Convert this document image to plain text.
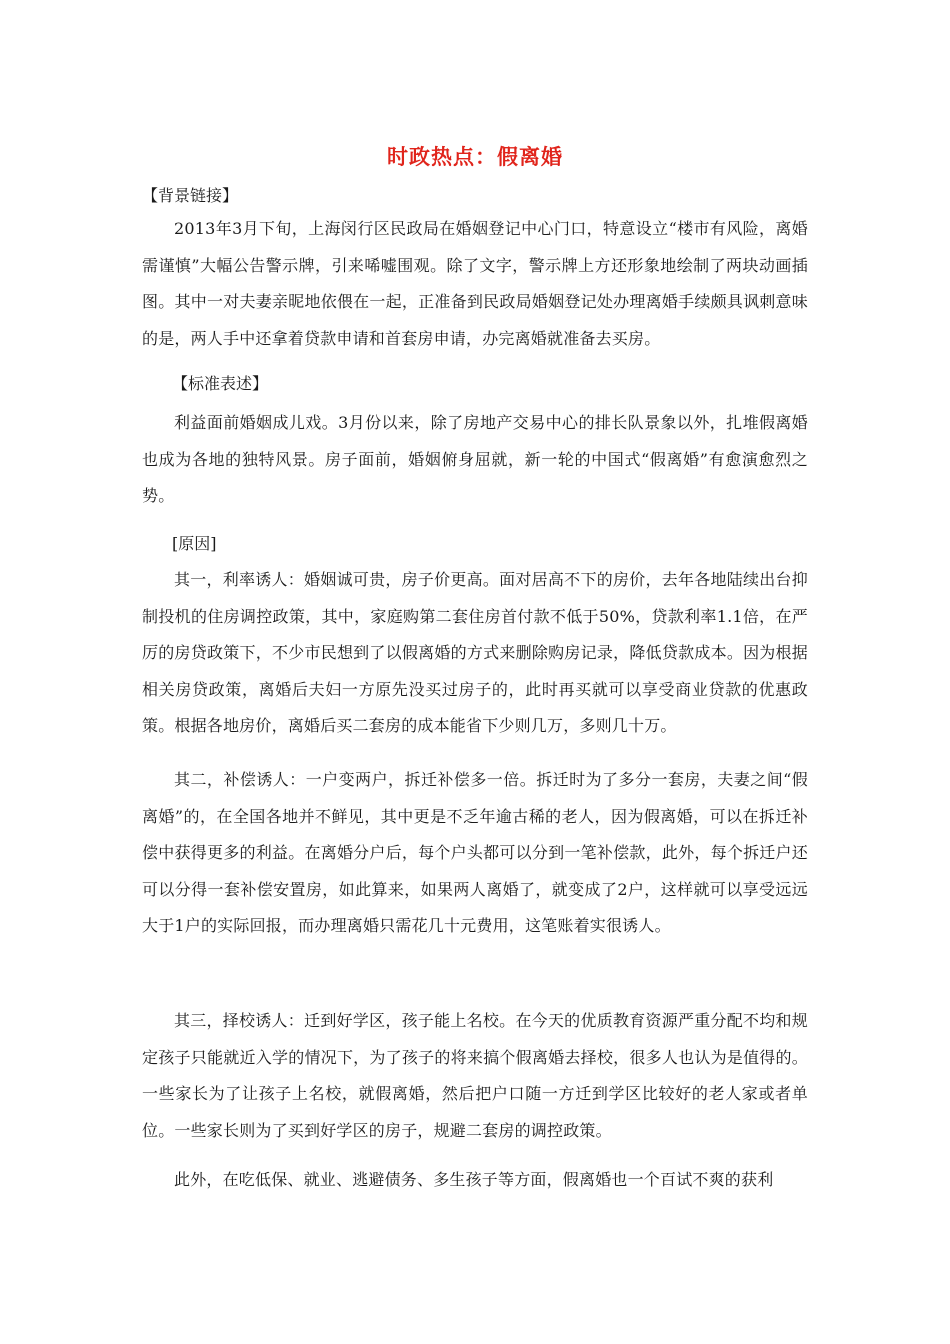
时政热点：假离婚
【背景链接】
2013年3月下旬，上海闵行区民政局在婚姻登记中心门口，特意设立“楼市有风险，离婚需谨慎”大幅公告警示牌，引来唏嘘围观。除了文字，警示牌上方还形象地绘制了两块动画插图。其中一对夫妻亲昵地依偎在一起，正准备到民政局婚姻登记处办理离婚手续颇具讽刺意味的是，两人手中还拿着贷款申请和首套房申请，办完离婚就准备去买房。
【标准表述】
利益面前婚姻成儿戏。3月份以来，除了房地产交易中心的排长队景象以外，扎堆假离婚也成为各地的独特风景。房子面前，婚姻俯身屈就，新一轮的中国式“假离婚”有愈演愈烈之势。
[原因]
其一，利率诱人：婚姻诚可贵，房子价更高。面对居高不下的房价，去年各地陆续出台抑制投机的住房调控政策，其中，家庭购第二套住房首付款不低于50%，贷款利率1.1倍，在严厉的房贷政策下，不少市民想到了以假离婚的方式来删除购房记录，降低贷款成本。因为根据相关房贷政策，离婚后夫妇一方原先没买过房子的，此时再买就可以享受商业贷款的优惠政策。根据各地房价，离婚后买二套房的成本能省下少则几万，多则几十万。
其二，补偿诱人：一户变两户，拆迁补偿多一倍。拆迁时为了多分一套房，夫妻之间“假离婚”的，在全国各地并不鲜见，其中更是不乏年逾古稀的老人，因为假离婚，可以在拆迁补偿中获得更多的利益。在离婚分户后，每个户头都可以分到一笔补偿款，此外，每个拆迁户还可以分得一套补偿安置房，如此算来，如果两人离婚了，就变成了2户，这样就可以享受远远大于1户的实际回报，而办理离婚只需花几十元费用，这笔账着实很诱人。
其三，择校诱人：迁到好学区，孩子能上名校。在今天的优质教育资源严重分配不均和规定孩子只能就近入学的情况下，为了孩子的将来搞个假离婚去择校，很多人也认为是值得的。一些家长为了让孩子上名校，就假离婚，然后把户口随一方迁到学区比较好的老人家或者单位。一些家长则为了买到好学区的房子，规避二套房的调控政策。
此外，在吃低保、就业、逃避债务、多生孩子等方面，假离婚也一个百试不爽的获利
